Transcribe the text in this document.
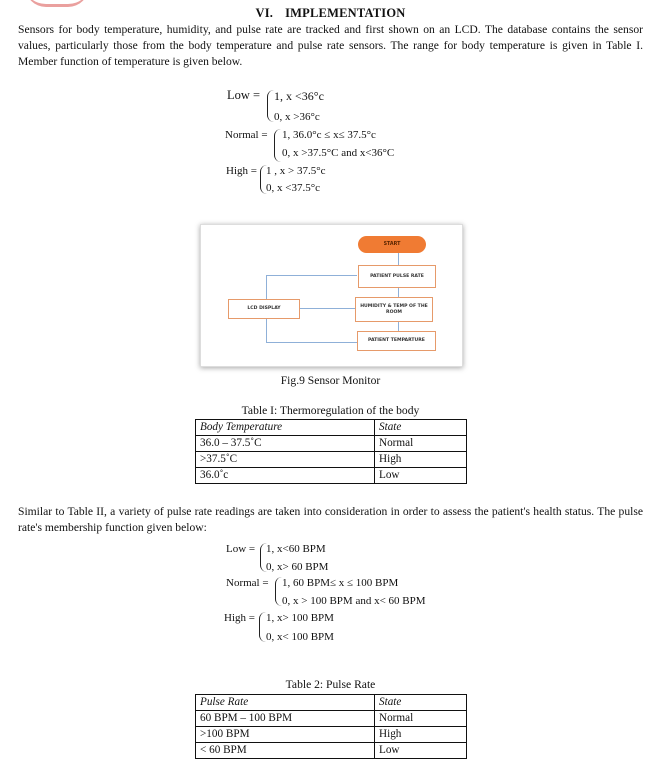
VI. IMPLEMENTATION
Sensors for body temperature, humidity, and pulse rate are tracked and first shown on an LCD. The database contains the sensor values, particularly those from the body temperature and pulse rate sensors. The range for body temperature is given in Table I. Member function of temperature is given below.
Low = 1, x <36°c
0, x >36°c
Normal = 1, 36.0°c ≤ x≤ 37.5°c
0, x >37.5°C and x<36°C
High = 1 , x > 37.5°c
0, x <37.5°c
START
PATIENT PULSE RATE
HUMIDITY & TEMP OF THE ROOM
PATIENT TEMPARTURE
LCD DISPLAY
Fig.9 Sensor Monitor
Table I: Thermoregulation of the body
Body Temperature	State
36.0 – 37.5˚C	Normal
>37.5˚C	High
36.0˚c	Low
Similar to Table II, a variety of pulse rate readings are taken into consideration in order to assess the patient's health status. The pulse rate's membership function given below:
Low = 1, x<60 BPM
0, x> 60 BPM
Normal = 1, 60 BPM≤ x ≤ 100 BPM
0, x > 100 BPM and x< 60 BPM
High = 1, x> 100 BPM
0, x< 100 BPM
Table 2: Pulse Rate
Pulse Rate	State
60 BPM – 100 BPM	Normal
>100 BPM	High
< 60 BPM	Low
